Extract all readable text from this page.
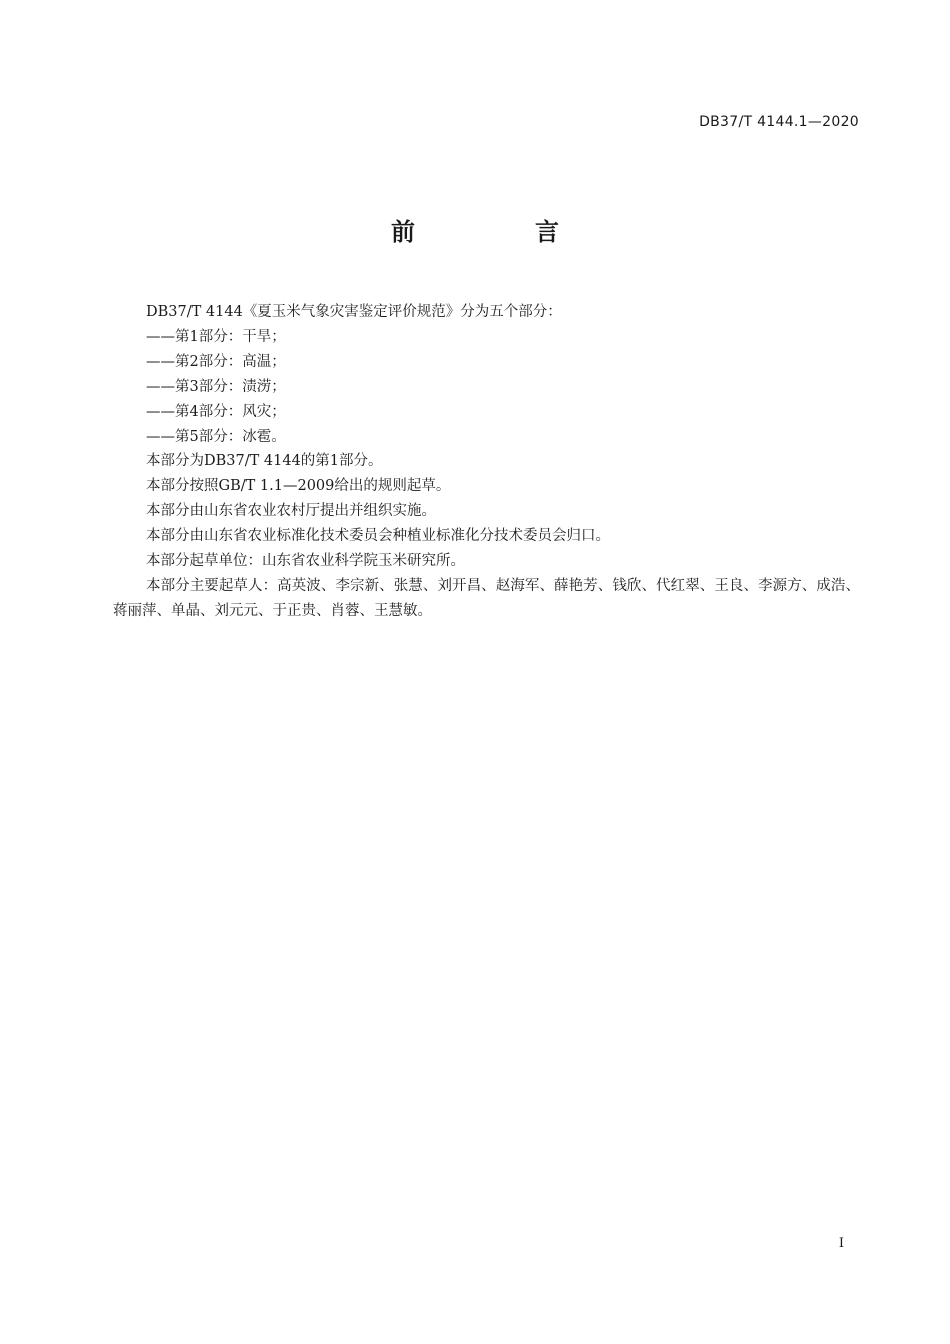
DB37/T 4144.1—2020
前　言

DB37/T 4144《夏玉米气象灾害鉴定评价规范》分为五个部分：

——第1部分：干旱；

——第2部分：高温；

——第3部分：渍涝；

——第4部分：风灾；

——第5部分：冰雹。

本部分为DB37/T 4144的第1部分。

本部分按照GB/T 1.1—2009给出的规则起草。

本部分由山东省农业农村厅提出并组织实施。

本部分由山东省农业标准化技术委员会种植业标准化分技术委员会归口。

本部分起草单位：山东省农业科学院玉米研究所。

本部分主要起草人：高英波、李宗新、张慧、刘开昌、赵海军、薛艳芳、钱欣、代红翠、王良、李源方、成浩、蒋丽萍、单晶、刘元元、于正贵、肖蓉、王慧敏。

I
